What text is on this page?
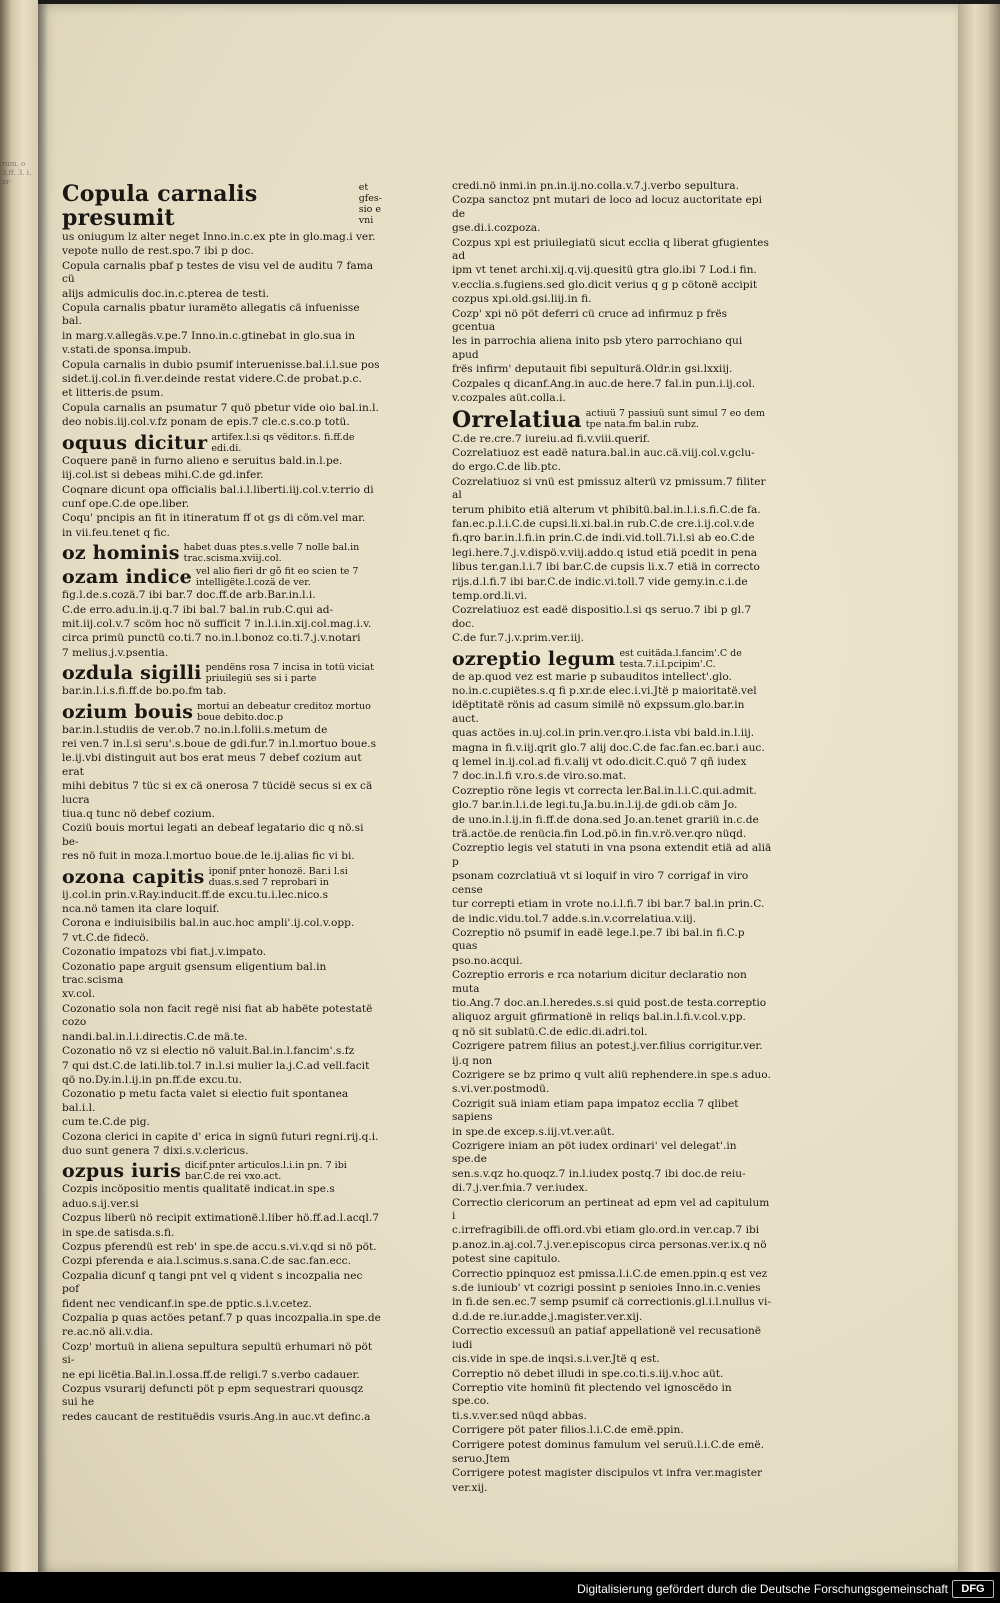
rum. o 3.ff. 3. i. ar-	Copula carnalis presumit
et gfes- sio e vni
us oniugum lz alter neget Inno.in.c.ex pte in glo.mag.i ver.
vepote nullo de rest.spo.7 ibi p doc.
Copula carnalis pbaf p testes de visu vel de auditu 7 fama cü
alijs admiculis doc.in.c.ptereа de testi.
Copula carnalis pbatur iuramëto allegatis cä infuenisse bal.
in marg.v.allegäs.v.pe.7 Inno.in.c.gtinebat in glo.sua in
v.stati.de sponsa.impub.
Copula carnalis in dubio psumif interuenisse.bal.i.l.sue pos
sidet.ij.col.in fi.ver.deinde restat videre.C.de probat.p.c.
et litteris.de psum.
Copula carnalis an psumatur 7 quö pbetur vide oio bal.in.l.
deo nobis.iij.col.v.fz ponam de epis.7 cle.c.s.co.p totü.
oquus dicitur artifex.l.si qs vëditor.s. fi.ff.de edi.di.
Coquere panë in furno alieno e seruitus bald.in.l.pe.
iij.col.ist si debeas mihi.C.de gd.infer.
Coqnare dicunt opa officialis bal.i.l.liberti.iij.col.v.terrio di
cunf ope.C.de ope.liber.
Coqu' pncipis an fit in itineratum ff ot gs di cöm.vel mar.
in vii.feu.tenet q fic.
oz hominis habet duas ptes.s.velle 7 nolle bal.in trac.scisma.xviij.col.
ozam indice vel alio fieri dr gõ fit eo scien te 7 intelligëte.l.cozä de ver.
fig.l.de.s.cozä.7 ibi bar.7 doc.ff.de arb.Bar.in.l.i.
C.de erro.adu.in.ij.q.7 ibi bal.7 bal.in rub.C.qui ad-
mit.iij.col.v.7 scöm hoc nö sufficit 7 in.l.i.in.xij.col.mag.i.v.
circa primü punctü co.ti.7 no.in.l.bonoz co.ti.7.j.v.notari
7 melius.j.v.psentia.
ozdula sigilli pendëns rosa 7 incisa in totü viciat priuilegiü ses si i parte
bar.in.l.i.s.fi.ff.de bo.po.fm tab.
ozium bouis mortui an debeatur creditoz mortuo boue debito.doc.p
bar.in.l.studiis de ver.ob.7 no.in.l.folii.s.metum de
rei ven.7 in.l.si seru'.s.boue de gdi.fur.7 in.l.mortuo boue.s
le.ij.vbi distinguit aut bos erat meus 7 debef cozium aut erat
mihi debitus 7 tüc si ex cä onerosa 7 tücidë secus si ex cä lucra
tiua.q tunc nö debef cozium.
Coziü bouis mortui legati an debeaf legatario dic q nö.si be-
res nö fuit in moza.l.mortuo boue.de le.ij.alias fic vi bi.
ozona capitis iponif pnter honozë. Bar.i l.si duas.s.sed 7 reprobari in
ij.col.in prin.v.Ray.inducit.ff.de excu.tu.i.lec.nico.s
nca.nö tamen ita clare loquif.
Corona e indiuisibilis bal.in auc.hoc ampli'.ij.col.v.opp.
7 vt.C.de fidecö.
Cozonatio impatozs vbi fiat.j.v.impato.
Cozonatio pape arguit gsensum eligentium bal.in trac.scisma
xv.col.
Cozonatio sola non facit regë nisi fiat ab habëte potestatë cozo
nandi.bal.in.l.i.directis.C.de mä.te.
Cozonatio nö vz si electio nö valuit.Bal.in.l.fancim'.s.fz
7 qui dst.C.de lati.lib.tol.7 in.l.si mulier la.j.C.ad vell.facit
qö no.Dy.in.l.ij.in pn.ff.de excu.tu.
Cozonatio p metu facta valet si electio fuit spontanea bal.i.l.
cum te.C.de pig.
Cozona clerici in capite d' erica in signü futuri regni.rij.q.i.
duo sunt genera 7 dixi.s.v.clericus.
ozpus iuris dicif.pnter articulos.l.i.in pn. 7 ibi bar.C.de rei vxo.act.
Cozpis incöpositio mentis qualitatë indicat.in spe.s
aduo.s.ij.ver.si
Cozpus liberü nö recipit extimationë.l.liber hö.ff.ad.l.acql.7
in spe.de satisda.s.fi.
Cozpus pferendü est reb' in spe.de accu.s.vi.v.qd si nö pöt.
Cozpi pferenda e aia.l.scimus.s.sana.C.de sac.fan.ecc.
Cozpalia dicunf q tangi pnt vel q vident s incozpalia nec pof
fident nec vendicanf.in spe.de pptic.s.i.v.cetez.
Cozpalia p quas actöes petanf.7 p quas incozpalia.in spe.de
re.ac.nö ali.v.dia.
Cozp' mortuü in aliena sepultura sepultü erhumari nö pöt si-
ne epi licëtia.Bal.in.l.ossa.ff.de religi.7 s.verbo cadauer.
Cozpus vsurarij defuncti pöt p epm sequestrari quousqz sui he
redes caucant de restituëdis vsuris.Ang.in auc.vt definc.a
credi.nö inmi.in pn.in.ij.no.colla.v.7.j.verbo sepultura.
Cozpa sanctoz pnt mutari de loco ad locuz auctoritate epi de
gse.di.i.cozpoza.
Cozpus xpi est priuilegiatü sicut ecclia q liberat gfugientes ad
ipm vt tenet archi.xij.q.vij.quesitü gtra glo.ibi 7 Lod.i fin.
v.ecclia.s.fugiens.sed glo.dicit verius q g p cötonë accipit
cozpus xpi.old.gsi.liij.in fi.
Cozp' xpi nö pöt deferri cü cruce ad infirmuz p frës gcentua
les in parrochia aliena inito psb ytero parrochiano qui apud
frës infirm' deputauit fibi sepulturä.Oldr.in gsi.lxxiij.
Cozpales q dicanf.Ang.in auc.de here.7 fal.in pun.i.ij.col.
v.cozpales aüt.colla.i.
Orrelatiua actiuü 7 passiuü sunt simul 7 eo dem tpe nata.fm bal.in rubz.
C.de re.cre.7 iureiu.ad fi.v.viii.querif.
Cozrelatiuoz est eadë natura.bal.in auc.cä.viij.col.v.gclu-
do ergo.C.de lib.ptc.
Cozrelatiuoz si vnü est pmissuz alterü vz pmissum.7 filiter al
terum phibito etiä alterum vt phibitü.bal.in.l.i.s.fi.C.de fa.
fan.ec.p.l.i.C.de cupsi.li.xi.bal.in rub.C.de cre.i.ij.col.v.de
fi.qro bar.in.l.fi.in prin.C.de indi.vid.toll.7i.l.si ab eo.C.de
legi.here.7.j.v.dispö.v.viij.addo.q istud etiä pcedit in pena
libus ter.gan.l.i.7 ibi bar.C.de cupsis li.x.7 etiä in correcto
rijs.d.l.fi.7 ibi bar.C.de indic.vi.toll.7 vide gemy.in.c.i.de
temp.ord.li.vi.
Cozrelatiuoz est eadë dispositio.l.si qs seruo.7 ibi p gl.7 doc.
C.de fur.7.j.v.prim.ver.iij.
ozreptio legum est cuitäda.l.fancim'.C de testa.7.i.l.pcipim'.C.
de ap.quod vez est marie p subauditos intellect'.glo.
no.in.c.cupiëtes.s.q fi p.xr.de elec.i.vi.Jtë p maioritatë.vel
idëptitatë rönis ad casum similë nö expssum.glo.bar.in auct.
quas actöes in.uj.col.in prin.ver.qro.i.ista vbi bald.in.l.iij.
magna in fi.v.iij.qrit glo.7 alij doc.C.de fac.fan.ec.bar.i auc.
q lemel in.ij.col.ad fi.v.alij vt odo.dicit.C.quö 7 qñ iudex
7 doc.in.l.fi v.ro.s.de viro.so.mat.
Cozreptio röne legis vt correcta ler.Bal.in.l.i.C.qui.admit.
glo.7 bar.in.l.i.de legi.tu.Ja.bu.in.l.ij.de gdi.ob cäm Jo.
de uno.in.l.ij.in fi.ff.de dona.sed Jo.an.tenet grariü in.c.de
trä.actöe.de renücia.fin Lod.pö.in fin.v.rö.ver.qro nüqd.
Cozreptio legis vel statuti in vna psona extendit etiä ad aliä p
psonam cozrclatiuä vt si loquif in viro 7 corrigaf in viro cense
tur correpti etiam in vrote no.i.l.fi.7 ibi bar.7 bal.in prin.C.
de indic.vidu.tol.7 adde.s.in.v.correlatiua.v.iij.
Cozreptio nö psumif in eadë lege.l.pe.7 ibi bal.in fi.C.p quas
pso.no.acqui.
Cozreptio erroris e rca notarium dicitur declaratio non muta
tio.Ang.7 doc.an.l.heredes.s.si quid post.de testa.correptio
aliquoz arguit gfirmationë in reliqs bal.in.l.fi.v.col.v.pp.
q nö sit sublatü.C.de edic.di.adri.tol.
Cozrigere patrem filius an potest.j.ver.filius corrigitur.ver.
ij.q non
Cozrigere se bz primo q vult aliü rephendere.in spe.s aduo.
s.vi.ver.postmodü.
Cozrigit suä iniam etiam papa impatoz ecclia 7 qlibet sapiens
in spe.de excep.s.iij.vt.ver.aüt.
Cozrigere iniam an pöt iudex ordinari' vel delegat'.in spe.de
sen.s.v.qz ho.quoqz.7 in.l.iudex postq.7 ibi doc.de reiu-
di.7.j.ver.fnia.7 ver.iudex.
Correctio clericorum an pertineat ad epm vel ad capitulum i
c.irrefragibili.de offi.ord.vbi etiam glo.ord.in ver.cap.7 ibi
p.anoz.in.aj.col.7.j.ver.episcopus circa personas.ver.ix.q nö
potest sine capitulo.
Correctio ppinquoz est pmissa.l.i.C.de emen.ppin.q est vez
s.de iunioub' vt cozrigi possint p senioies Inno.in.c.venies
in fi.de sen.ec.7 semp psumif cä correctionis.gl.i.l.nullus vi-
d.d.de re.iur.adde.j.magister.ver.xij.
Correctio excessuü an patiaf appellationë vel recusationë iudi
cis.vide in spe.de inqsi.s.i.ver.Jtë q est.
Correptio nö debet illudi in spe.co.ti.s.iij.v.hoc aüt.
Correptio vite hominü fit plectendo vel ignoscëdo in spe.co.
ti.s.v.ver.sed nüqd abbas.
Corrigere pöt pater filios.l.i.C.de emë.ppin.
Corrigere potest dominus famulum vel seruü.l.i.C.de emë.
seruo.Jtem
Corrigere potest magister discipulos vt infra ver.magister
ver.xij.
Digitalisierung gefördert durch die Deutsche Forschungsgemeinschaft	DFG
